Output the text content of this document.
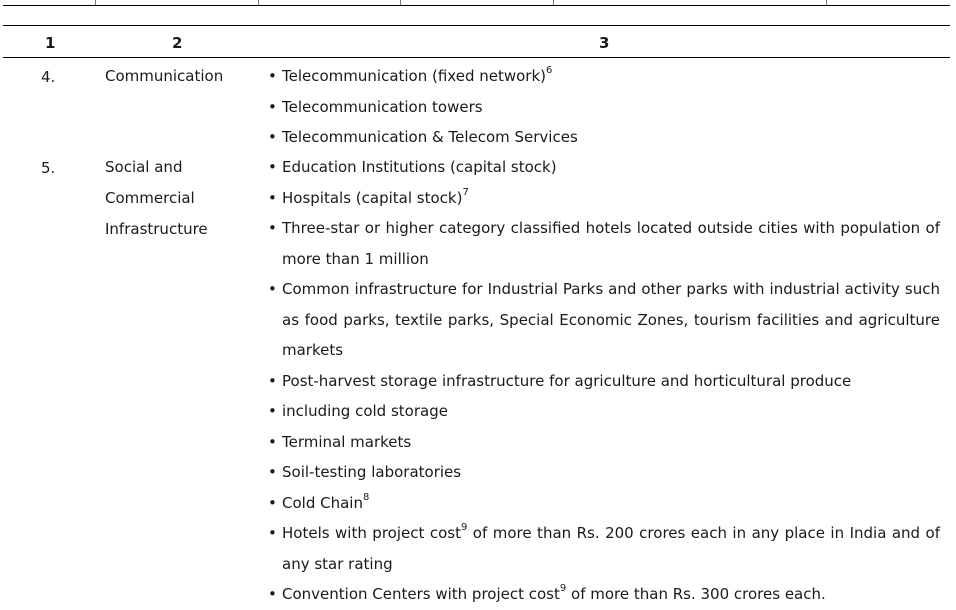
1	2	3
4.	Communication
•	Telecommunication (fixed network)$^6$
• Telecommunication towers
• Telecommunication & Telecom Services
5.	Social and Commercial Infrastructure
• Education Institutions (capital stock)
• Hospitals (capital stock)$^7$
• Three-star or higher category classified hotels located outside cities with population of more than 1 million
• Common infrastructure for Industrial Parks and other parks with industrial activity such as food parks, textile parks, Special Economic Zones, tourism facilities and agriculture markets
• Post-harvest storage infrastructure for agriculture and horticultural produce
• including cold storage
• Terminal markets
• Soil-testing laboratories
• Cold Chain$^8$
• Hotels with project cost$^9$ of more than Rs. 200 crores each in any place in India and of any star rating
• Convention Centers with project cost$^9$ of more than Rs. 300 crores each.
